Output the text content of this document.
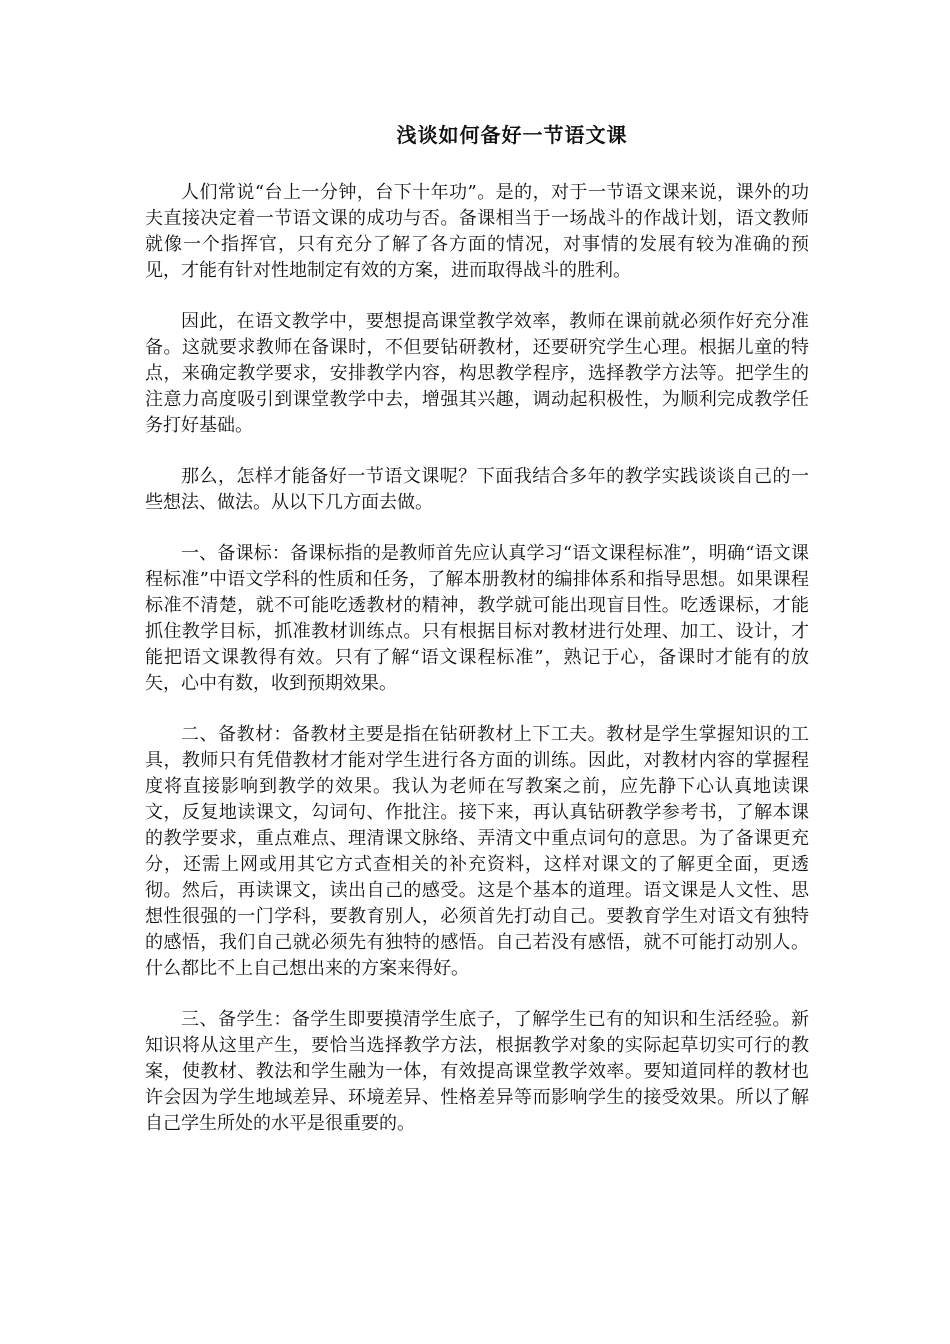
浅谈如何备好一节语文课

人们常说“台上一分钟，台下十年功”。是的，对于一节语文课来说，课外的功夫直接决定着一节语文课的成功与否。备课相当于一场战斗的作战计划，语文教师就像一个指挥官，只有充分了解了各方面的情况，对事情的发展有较为准确的预见，才能有针对性地制定有效的方案，进而取得战斗的胜利。

因此，在语文教学中，要想提高课堂教学效率，教师在课前就必须作好充分准备。这就要求教师在备课时，不但要钻研教材，还要研究学生心理。根据儿童的特点，来确定教学要求，安排教学内容，构思教学程序，选择教学方法等。把学生的注意力高度吸引到课堂教学中去，增强其兴趣，调动起积极性，为顺利完成教学任务打好基础。

那么，怎样才能备好一节语文课呢？下面我结合多年的教学实践谈谈自己的一些想法、做法。从以下几方面去做。

一、备课标：备课标指的是教师首先应认真学习“语文课程标准”，明确“语文课程标准”中语文学科的性质和任务，了解本册教材的编排体系和指导思想。如果课程标准不清楚，就不可能吃透教材的精神，教学就可能出现盲目性。吃透课标，才能抓住教学目标，抓准教材训练点。只有根据目标对教材进行处理、加工、设计，才能把语文课教得有效。只有了解“语文课程标准”，熟记于心，备课时才能有的放矢，心中有数，收到预期效果。

二、备教材：备教材主要是指在钻研教材上下工夫。教材是学生掌握知识的工具，教师只有凭借教材才能对学生进行各方面的训练。因此，对教材内容的掌握程度将直接影响到教学的效果。我认为老师在写教案之前，应先静下心认真地读课文，反复地读课文，勾词句、作批注。接下来，再认真钻研教学参考书，了解本课的教学要求，重点难点、理清课文脉络、弄清文中重点词句的意思。为了备课更充分，还需上网或用其它方式查相关的补充资料，这样对课文的了解更全面，更透彻。然后，再读课文，读出自己的感受。这是个基本的道理。语文课是人文性、思想性很强的一门学科，要教育别人，必须首先打动自己。要教育学生对语文有独特的感悟，我们自己就必须先有独特的感悟。自己若没有感悟，就不可能打动别人。什么都比不上自己想出来的方案来得好。

三、备学生：备学生即要摸清学生底子，了解学生已有的知识和生活经验。新知识将从这里产生，要恰当选择教学方法，根据教学对象的实际起草切实可行的教案，使教材、教法和学生融为一体，有效提高课堂教学效率。要知道同样的教材也许会因为学生地域差异、环境差异、性格差异等而影响学生的接受效果。所以了解自己学生所处的水平是很重要的。
